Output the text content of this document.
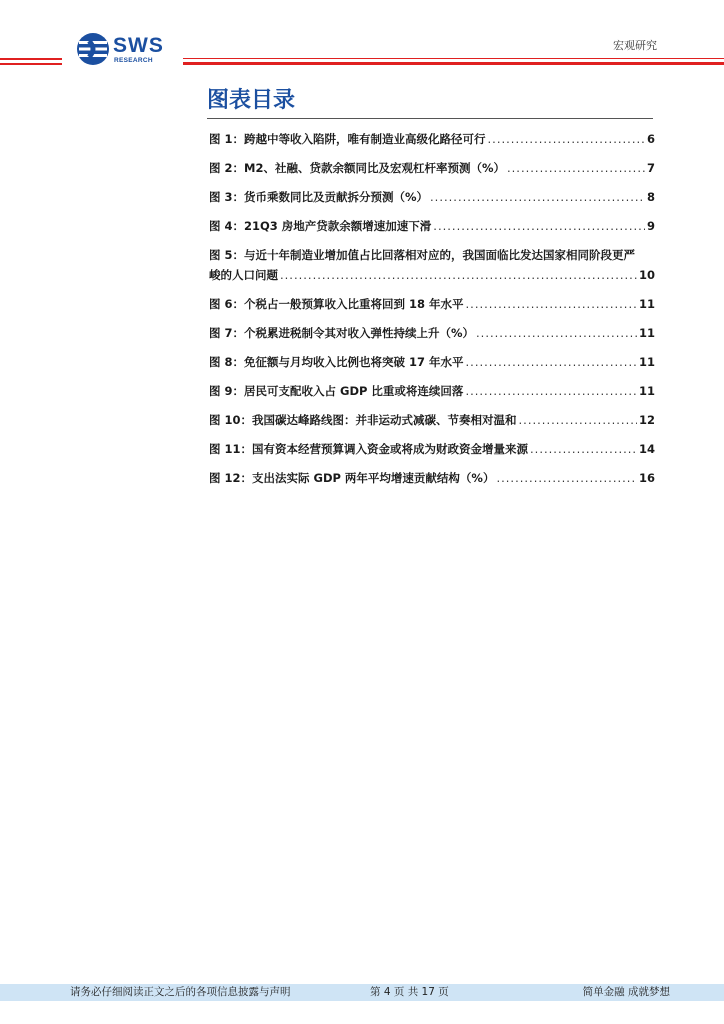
SWS
RESEARCH
宏观研究
图表目录
图 1：跨越中等收入陷阱，唯有制造业高级化路径可行 .....	6
图 2：M2、社融、贷款余额同比及宏观杠杆率预测（%） .....	7
图 3：货币乘数同比及贡献拆分预测（%） .....	8
图 4：21Q3 房地产贷款余额增速加速下滑 .....	9
图 5：与近十年制造业增加值占比回落相对应的，我国面临比发达国家相同阶段更严
峻的人口问题 .....	10
图 6：个税占一般预算收入比重将回到 18 年水平 .....	11
图 7：个税累进税制令其对收入弹性持续上升（%） .....	11
图 8：免征额与月均收入比例也将突破 17 年水平 .....	11
图 9：居民可支配收入占 GDP 比重或将连续回落 .....	11
图 10：我国碳达峰路线图：并非运动式减碳、节奏相对温和 .....	12
图 11：国有资本经营预算调入资金或将成为财政资金增量来源 .....	14
图 12：支出法实际 GDP 两年平均增速贡献结构（%） .....	16
请务必仔细阅读正文之后的各项信息披露与声明	第 4 页 共 17 页	简单金融 成就梦想
